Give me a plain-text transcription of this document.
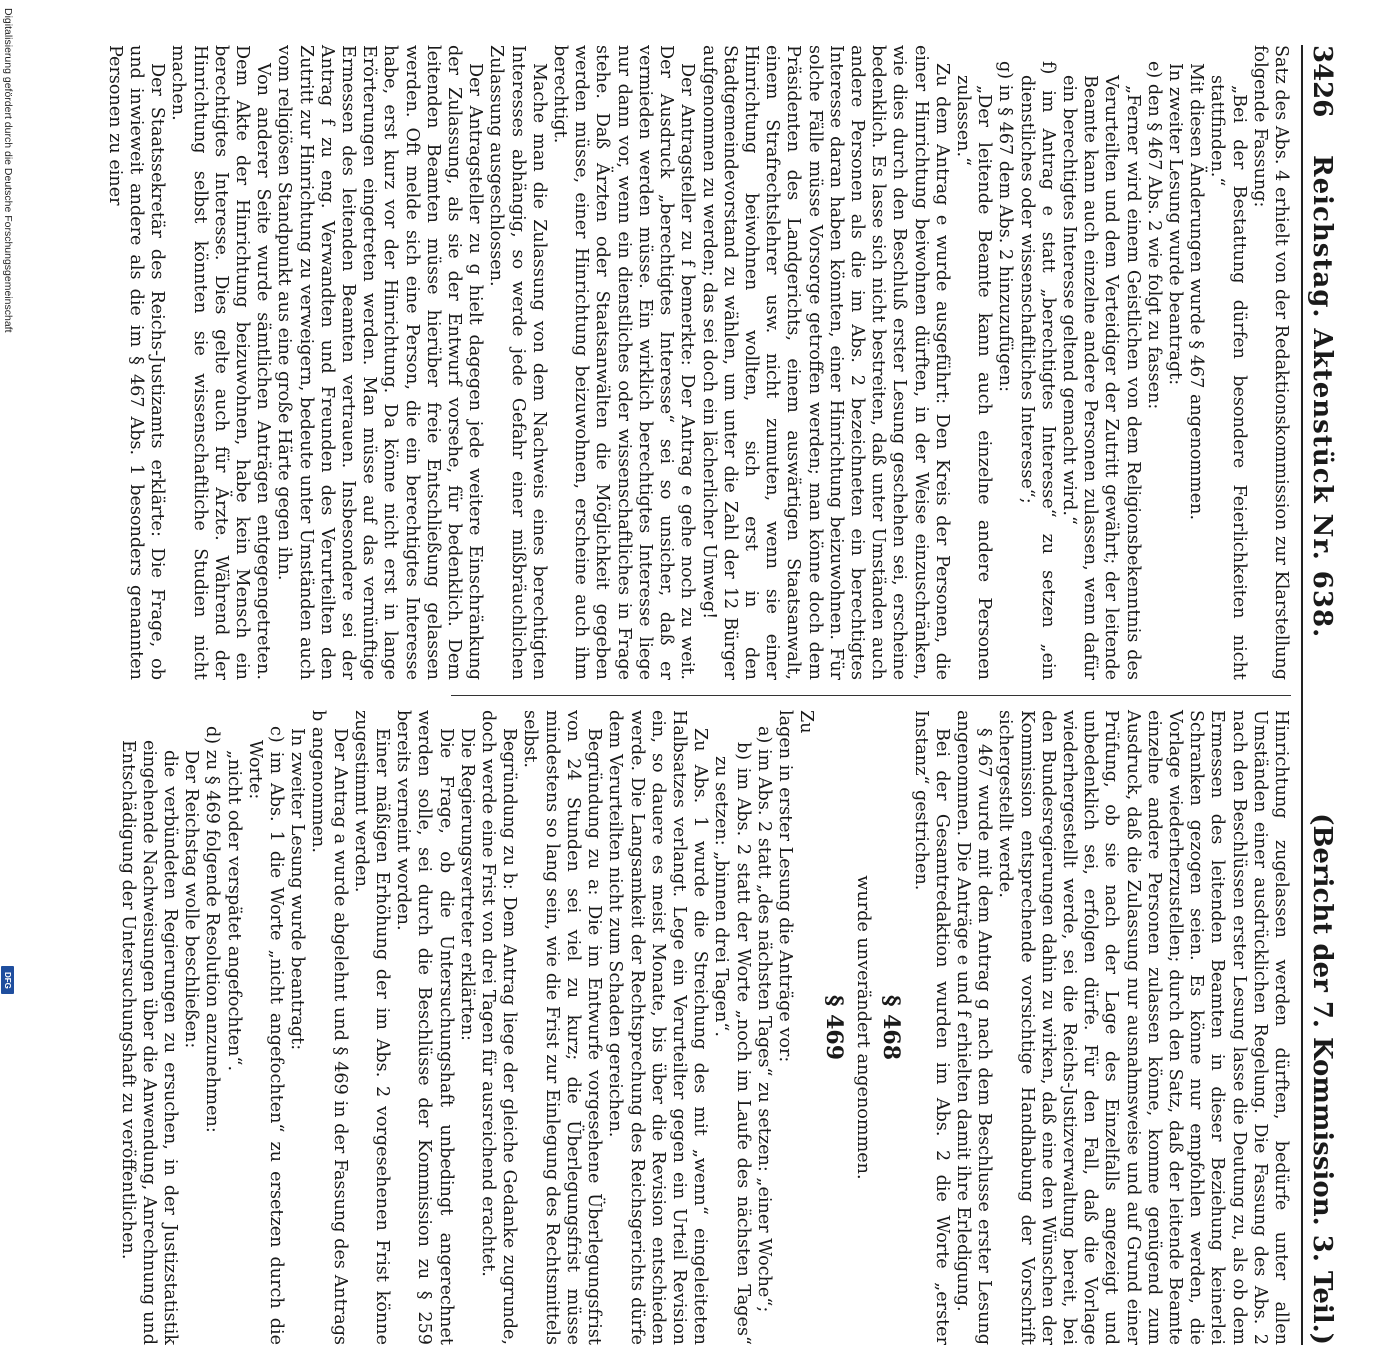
3426
Reichstag. Aktenstück Nr. 638.
(Bericht der 7. Kommission. 3. Teil.)

Satz des Abs. 4 erhielt von der Redaktionskommission zur Klarstellung folgende Fassung:

„Bei der Bestattung dürfen besondere Feierlichkeiten nicht stattfinden.“

Mit diesen Änderungen wurde § 467 angenommen.

In zweiter Lesung wurde beantragt:

e) den § 467 Abs. 2 wie folgt zu fassen:

„Ferner wird einem Geistlichen von dem Religionsbekenntnis des Verurteilten und dem Verteidiger der Zutritt gewährt; der leitende Beamte kann auch einzelne andere Personen zulassen, wenn dafür ein berechtigtes Interesse geltend gemacht wird.“

f) im Antrag e statt „berechtigtes Interesse“ zu setzen „ein dienstliches oder wissenschaftliches Interesse“;

g) in § 467 dem Abs. 2 hinzuzufügen:

„Der leitende Beamte kann auch einzelne andere Personen zulassen.“

Zu dem Antrag e wurde ausgeführt: Den Kreis der Personen, die einer Hinrichtung beiwohnen dürften, in der Weise einzuschränken, wie dies durch den Beschluß erster Lesung geschehen sei, erscheine bedenklich. Es lasse sich nicht bestreiten, daß unter Umständen auch andere Personen als die im Abs. 2 bezeichneten ein berechtigtes Interesse daran haben könnten, einer Hinrichtung beizuwohnen. Für solche Fälle müsse Vorsorge getroffen werden; man könne doch dem Präsidenten des Landgerichts, einem auswärtigen Staatsanwalt, einem Strafrechtslehrer usw. nicht zumuten, wenn sie einer Hinrichtung beiwohnen wollten, sich erst in den Stadtgemeindevorstand zu wählen, um unter die Zahl der 12 Bürger aufgenommen zu werden; das sei doch ein lächerlicher Umweg!

Der Antragsteller zu f bemerkte: Der Antrag e gehe noch zu weit. Der Ausdruck „berechtigtes Interesse“ sei so unsicher, daß er vermieden werden müsse. Ein wirklich berechtigtes Interesse liege nur dann vor, wenn ein dienstliches oder wissenschaftliches in Frage stehe. Daß Ärzten oder Staatsanwälten die Möglichkeit gegeben werden müsse, einer Hinrichtung beizuwohnen, erscheine auch ihm berechtigt.

Mache man die Zulassung von dem Nachweis eines berechtigten Interesses abhängig, so werde jede Gefahr einer mißbräuchlichen Zulassung ausgeschlossen.

Der Antragsteller zu g hielt dagegen jede weitere Einschränkung der Zulassung, als sie der Entwurf vorsehe, für bedenklich. Dem leitenden Beamten müsse hierüber freie Entschließung gelassen werden. Oft melde sich eine Person, die ein berechtigtes Interesse habe, erst kurz vor der Hinrichtung. Da könne nicht erst in lange Erörterungen eingetreten werden. Man müsse auf das vernünftige Ermessen des leitenden Beamten vertrauen. Insbesondere sei der Antrag f zu eng. Verwandten und Freunden des Verurteilten den Zutritt zur Hinrichtung zu verweigern, bedeute unter Umständen auch vom religiösen Standpunkt aus eine große Härte gegen ihn.

Von anderer Seite wurde sämtlichen Anträgen entgegengetreten. Dem Akte der Hinrichtung beizuwohnen, habe kein Mensch ein berechtigtes Interesse. Dies gelte auch für Ärzte. Während der Hinrichtung selbst könnten sie wissenschaftliche Studien nicht machen.

Der Staatssekretär des Reichs-Justizamts erklärte: Die Frage, ob und inwieweit andere als die im § 467 Abs. 1 besonders genannten Personen zu einer

Hinrichtung zugelassen werden dürften, bedürfe unter allen Umständen einer ausdrücklichen Regelung. Die Fassung des Abs. 2 nach den Beschlüssen erster Lesung lasse die Deutung zu, als ob dem Ermessen des leitenden Beamten in dieser Beziehung keinerlei Schranken gezogen seien. Es könne nur empfohlen werden, die Vorlage wiederherzustellen; durch den Satz, daß der leitende Beamte einzelne andere Personen zulassen könne, komme genügend zum Ausdruck, daß die Zulassung nur ausnahmsweise und auf Grund einer Prüfung, ob sie nach der Lage des Einzelfalls angezeigt und unbedenklich sei, erfolgen dürfe. Für den Fall, daß die Vorlage wiederhergestellt werde, sei die Reichs-Justizverwaltung bereit, bei den Bundesregierungen dahin zu wirken, daß eine den Wünschen der Kommission entsprechende vorsichtige Handhabung der Vorschrift sichergestellt werde.

§ 467 wurde mit dem Antrag g nach dem Beschlusse erster Lesung angenommen. Die Anträge e und f erhielten damit ihre Erledigung.

Bei der Gesamtredaktion wurden im Abs. 2 die Worte „erster Instanz“ gestrichen.

§ 468

wurde unverändert angenommen.

§ 469

Zu

lagen in erster Lesung die Anträge vor:

a) im Abs. 2 statt „des nächsten Tages“ zu setzen: „einer Woche“;

b) im Abs. 2 statt der Worte „noch im Laufe des nächsten Tages“ zu setzen: „binnen drei Tagen“.

Zu Abs. 1 wurde die Streichung des mit „wenn“ eingeleiteten Halbsatzes verlangt. Lege ein Verurteilter gegen ein Urteil Revision ein, so dauere es meist Monate, bis über die Revision entschieden werde. Die Langsamkeit der Rechtsprechung des Reichsgerichts dürfe dem Verurteilten nicht zum Schaden gereichen.

Begründung zu a: Die im Entwurfe vorgesehene Überlegungsfrist von 24 Stunden sei viel zu kurz; die Überlegungsfrist müsse mindestens so lang sein, wie die Frist zur Einlegung des Rechtsmittels selbst.

Begründung zu b: Dem Antrag liege der gleiche Gedanke zugrunde, doch werde eine Frist von drei Tagen für ausreichend erachtet.

Die Regierungsvertreter erklärten:

Die Frage, ob die Untersuchungshaft unbedingt angerechnet werden solle, sei durch die Beschlüsse der Kommission zu § 259 bereits verneint worden.

Einer mäßigen Erhöhung der im Abs. 2 vorgesehenen Frist könne zugestimmt werden.

Der Antrag a wurde abgelehnt und § 469 in der Fassung des Antrags b angenommen.

In zweiter Lesung wurde beantragt:

c) im Abs. 1 die Worte „nicht angefochten“ zu ersetzen durch die Worte:

„nicht oder verspätet angefochten“.

d) zu § 469 folgende Resolution anzunehmen:

Der Reichstag wolle beschließen:

die verbündeten Regierungen zu ersuchen, in der Justizstatistik eingehende Nachweisungen über die Anwendung, Anrechnung und Entschädigung der Untersuchungshaft zu veröffentlichen.

Digitalisierung gefördert durch die Deutsche Forschungsgemeinschaft
DFG
